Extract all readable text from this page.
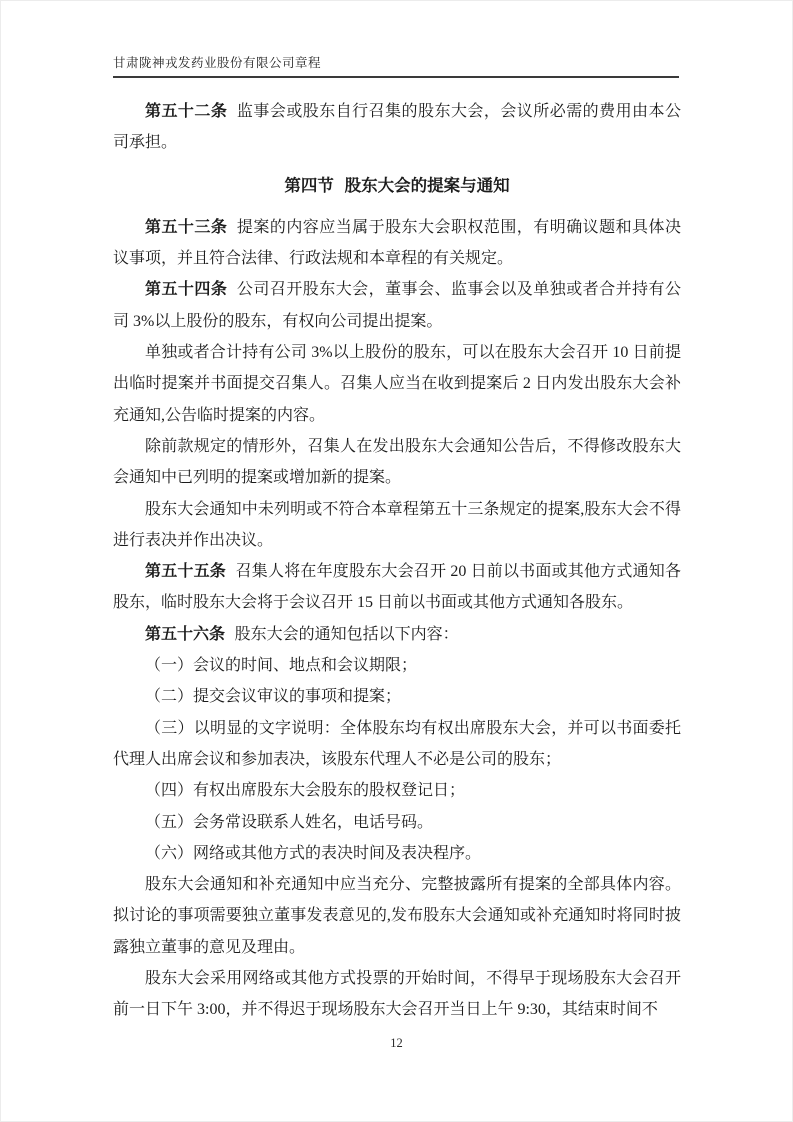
甘肃陇神戎发药业股份有限公司章程

第五十二条 监事会或股东自行召集的股东大会，会议所必需的费用由本公司承担。

第四节 股东大会的提案与通知

第五十三条 提案的内容应当属于股东大会职权范围，有明确议题和具体决议事项，并且符合法律、行政法规和本章程的有关规定。

第五十四条 公司召开股东大会，董事会、监事会以及单独或者合并持有公司 3%以上股份的股东，有权向公司提出提案。

单独或者合计持有公司 3%以上股份的股东，可以在股东大会召开 10 日前提出临时提案并书面提交召集人。召集人应当在收到提案后 2 日内发出股东大会补充通知,公告临时提案的内容。

除前款规定的情形外，召集人在发出股东大会通知公告后，不得修改股东大会通知中已列明的提案或增加新的提案。

股东大会通知中未列明或不符合本章程第五十三条规定的提案,股东大会不得进行表决并作出决议。

第五十五条 召集人将在年度股东大会召开 20 日前以书面或其他方式通知各股东，临时股东大会将于会议召开 15 日前以书面或其他方式通知各股东。

第五十六条 股东大会的通知包括以下内容：

（一）会议的时间、地点和会议期限；

（二）提交会议审议的事项和提案；

（三）以明显的文字说明：全体股东均有权出席股东大会，并可以书面委托代理人出席会议和参加表决，该股东代理人不必是公司的股东；

（四）有权出席股东大会股东的股权登记日；

（五）会务常设联系人姓名，电话号码。

（六）网络或其他方式的表决时间及表决程序。

股东大会通知和补充通知中应当充分、完整披露所有提案的全部具体内容。拟讨论的事项需要独立董事发表意见的,发布股东大会通知或补充通知时将同时披露独立董事的意见及理由。

股东大会采用网络或其他方式投票的开始时间，不得早于现场股东大会召开前一日下午 3:00，并不得迟于现场股东大会召开当日上午 9:30，其结束时间不

12
